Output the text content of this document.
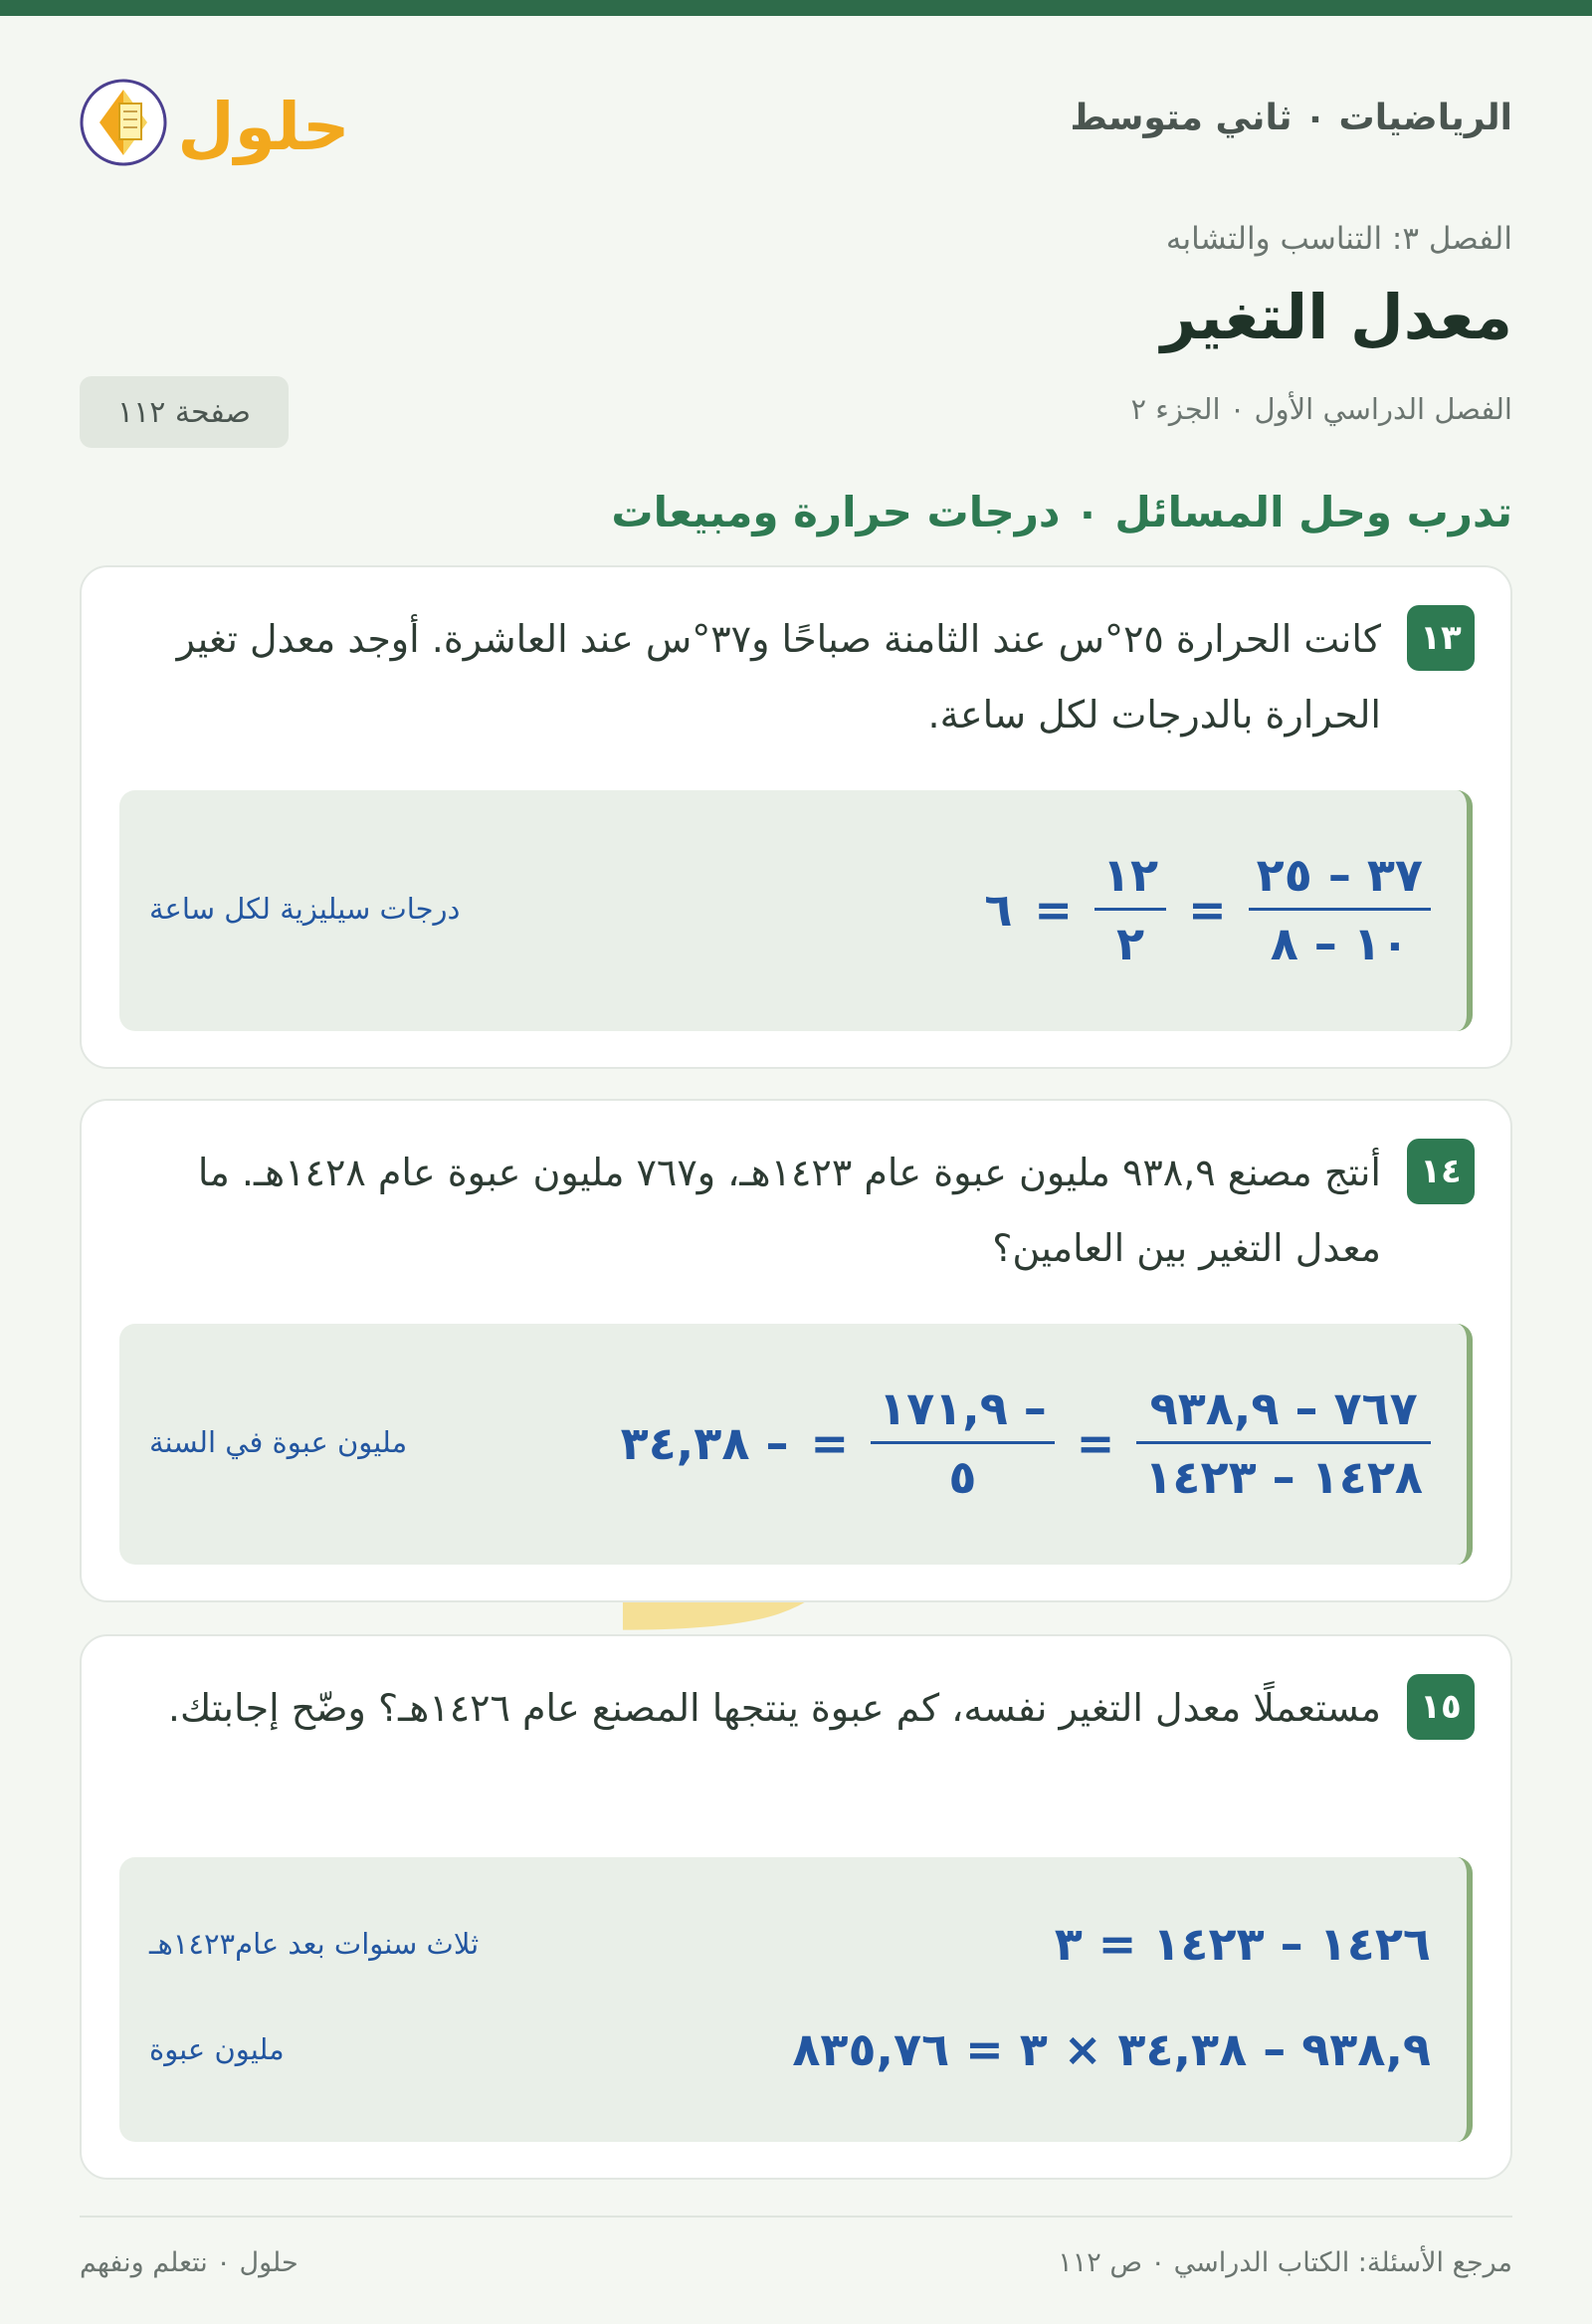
حلول	الرياضيات ٠ ثاني متوسط
الفصل ٣: التناسب والتشابه
معدل التغير
الفصل الدراسي الأول ٠ الجزء ٢
صفحة ١١٢
تدرب وحل المسائل ٠ درجات حرارة ومبيعات
١٣
كانت الحرارة ٢٥°س عند الثامنة صباحًا و٣٧°س عند العاشرة. أوجد معدل تغير الحرارة بالدرجات لكل ساعة.
$\frac{٣٧ - ٢٥}{١٠ - ٨}$
=
$\frac{١٢}{٢}$
=
٦
درجات سيليزية لكل ساعة
١٤
أنتج مصنع ٩٣٨,٩ مليون عبوة عام ١٤٢٣هـ، و٧٦٧ مليون عبوة عام ١٤٢٨هـ. ما معدل التغير بين العامين؟
$\frac{٧٦٧ - ٩٣٨,٩}{١٤٢٨ - ١٤٢٣}$
=
$\frac{- ١٧١,٩}{٥}$
=
– ٣٤,٣٨
مليون عبوة في السنة
١٥
مستعملًا معدل التغير نفسه، كم عبوة ينتجها المصنع عام ١٤٢٦هـ؟ وضّح إجابتك.
١٤٢٦ – ١٤٢٣ = ٣
ثلاث سنوات بعد عام١٤٢٣هـ
٩٣٨,٩ – ٣٤,٣٨ × ٣ = ٨٣٥,٧٦
مليون عبوة
مرجع الأسئلة: الكتاب الدراسي ٠ ص ١١٢
حلول ٠ نتعلم ونفهم
